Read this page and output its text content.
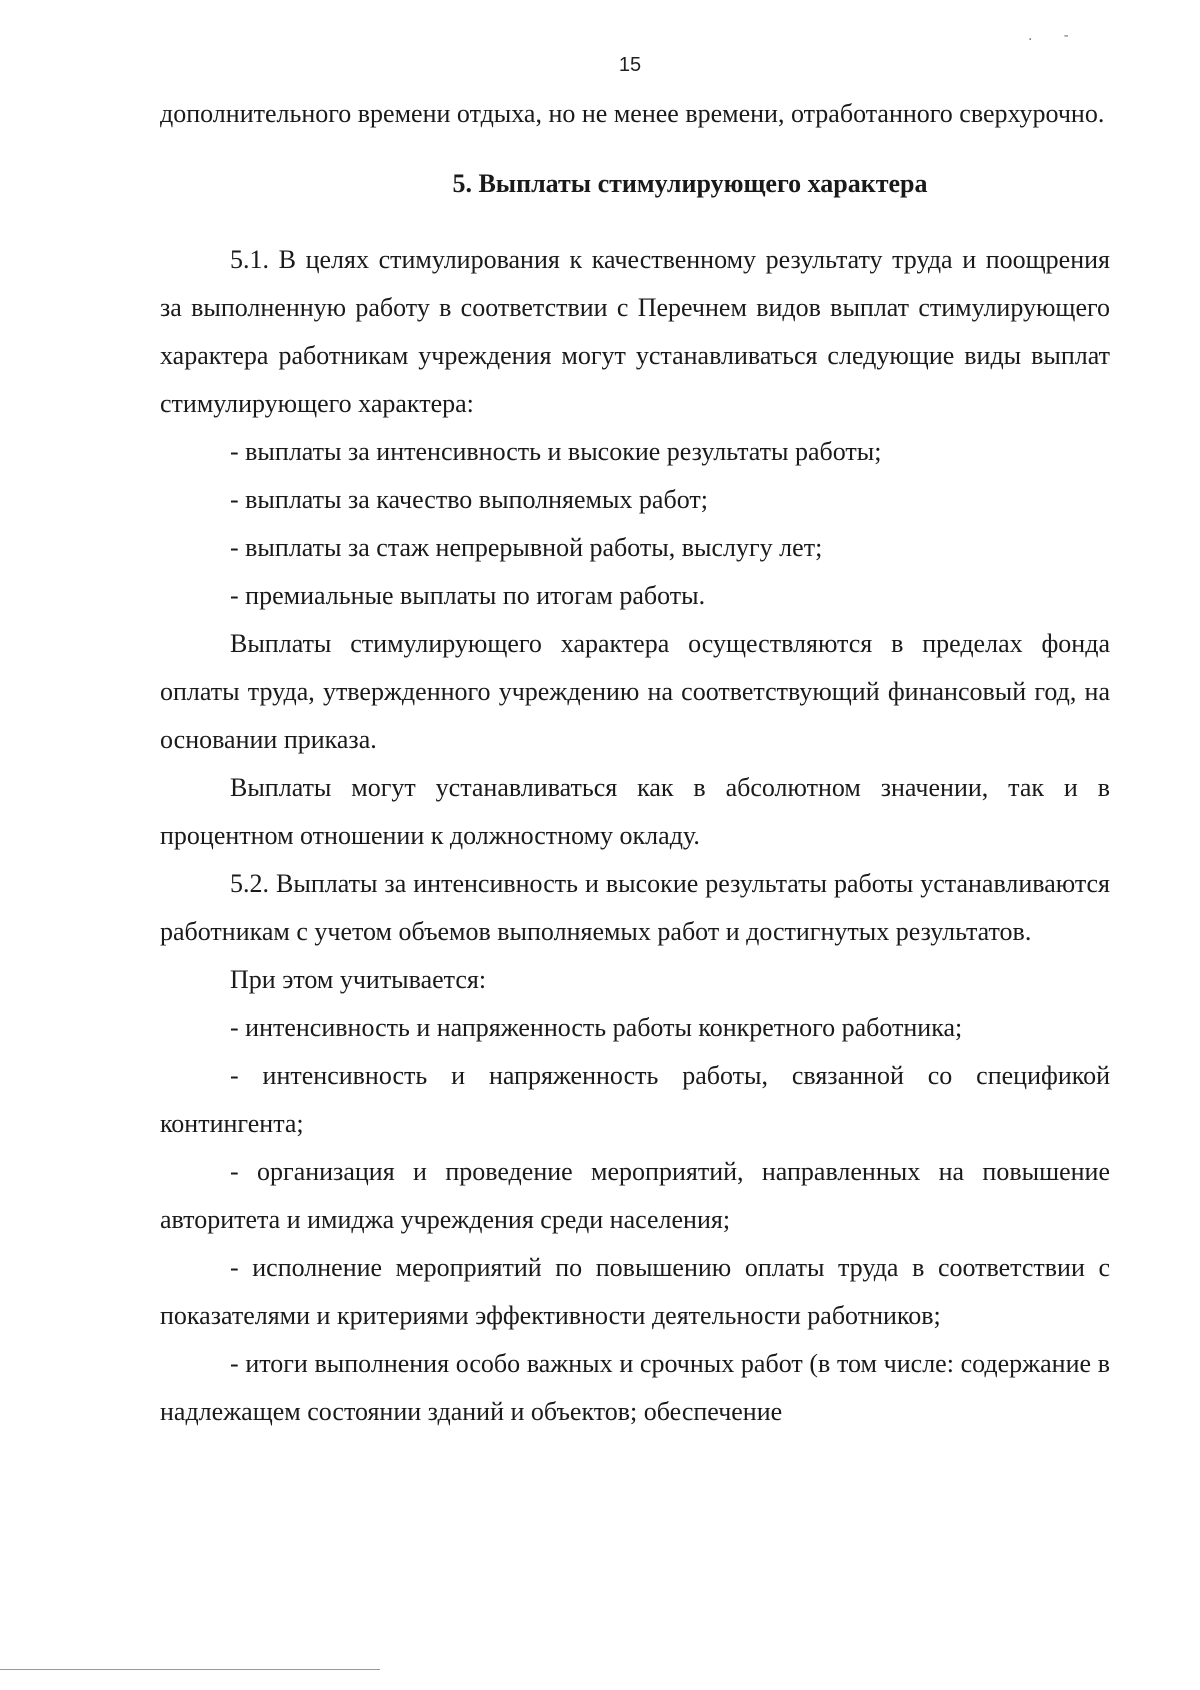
15
.       -

дополнительного времени отдыха, но не менее времени, отработанного сверхурочно.

5. Выплаты стимулирующего характера

5.1. В целях стимулирования к качественному результату труда и поощрения за выполненную работу в соответствии с Перечнем видов выплат стимулирующего характера работникам учреждения могут устанавливаться следующие виды выплат стимулирующего характера:

- выплаты за интенсивность и высокие результаты работы;

- выплаты за качество выполняемых работ;

- выплаты за стаж непрерывной работы, выслугу лет;

- премиальные выплаты по итогам работы.

Выплаты стимулирующего характера осуществляются в пределах фонда оплаты труда, утвержденного учреждению на соответствующий финансовый год, на основании приказа.

Выплаты могут устанавливаться как в абсолютном значении, так и в процентном отношении к должностному окладу.

5.2. Выплаты за интенсивность и высокие результаты работы устанавливаются работникам с учетом объемов выполняемых работ и достигнутых результатов.

При этом учитывается:

- интенсивность и напряженность работы конкретного работника;

- интенсивность и напряженность работы, связанной со спецификой контингента;

- организация и проведение мероприятий, направленных на повышение авторитета и имиджа учреждения среди населения;

- исполнение мероприятий по повышению оплаты труда в соответствии с показателями и критериями эффективности деятельности работников;

- итоги выполнения особо важных и срочных работ (в том числе: содержание в надлежащем состоянии зданий и объектов; обеспечение
